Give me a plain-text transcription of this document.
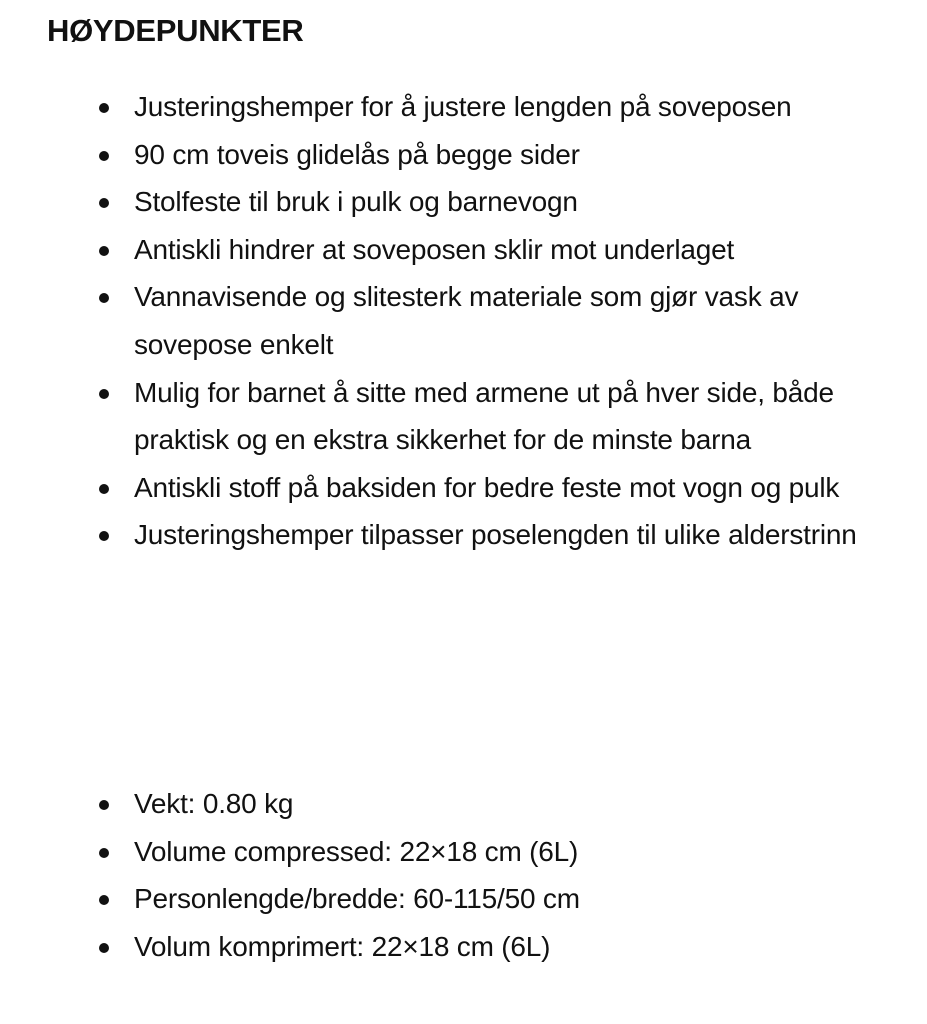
HØYDEPUNKTER
Justeringshemper for å justere lengden på soveposen
90 cm toveis glidelås på begge sider
Stolfeste til bruk i pulk og barnevogn
Antiskli hindrer at soveposen sklir mot underlaget
Vannavisende og slitesterk materiale som gjør vask av sovepose enkelt
Mulig for barnet å sitte med armene ut på hver side, både praktisk og en ekstra sikkerhet for de minste barna
Antiskli stoff på baksiden for bedre feste mot vogn og pulk
Justeringshemper tilpasser poselengden til ulike alderstrinn
Vekt: 0.80 kg
Volume compressed: 22×18 cm (6L)
Personlengde/bredde: 60-115/50 cm
Volum komprimert: 22×18 cm (6L)
